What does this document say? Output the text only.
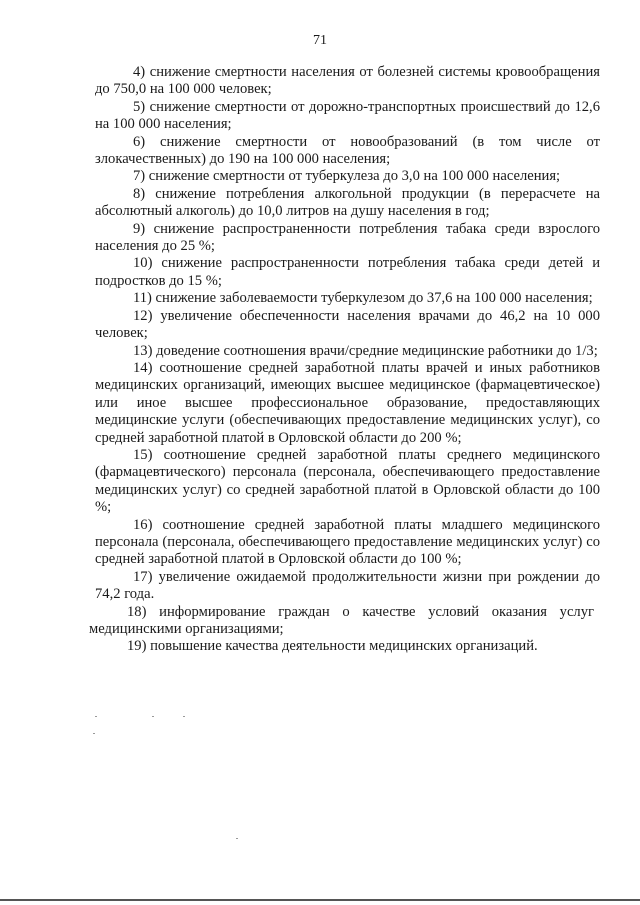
71

4) снижение смертности населения от болезней системы кровообращения до 750,0 на 100 000 человек;

5) снижение смертности от дорожно-транспортных происшествий до 12,6 на 100 000 населения;

6) снижение смертности от новообразований (в том числе от злокачественных) до 190 на 100 000 населения;

7) снижение смертности от туберкулеза до 3,0 на 100 000 населения;

8) снижение потребления алкогольной продукции (в перерасчете на абсолютный алкоголь) до 10,0 литров на душу населения в год;

9) снижение распространенности потребления табака среди взрослого населения до 25 %;

10) снижение распространенности потребления табака среди детей и подростков до 15 %;

11) снижение заболеваемости туберкулезом до 37,6 на 100 000 населения;

12) увеличение обеспеченности населения врачами до 46,2 на 10 000 человек;

13) доведение соотношения врачи/средние медицинские работники до 1/3;

14) соотношение средней заработной платы врачей и иных работников медицинских организаций, имеющих высшее медицинское (фармацевтическое) или иное высшее профессиональное образование, предоставляющих медицинские услуги (обеспечивающих предоставление медицинских услуг), со средней заработной платой в Орловской области до 200 %;

15) соотношение средней заработной платы среднего медицинского (фармацевтического) персонала (персонала, обеспечивающего предоставление медицинских услуг) со средней заработной платой в Орловской области до 100 %;

16) соотношение средней заработной платы младшего медицинского персонала (персонала, обеспечивающего предоставление медицинских услуг) со средней заработной платой в Орловской области до 100 %;

17) увеличение ожидаемой продолжительности жизни при рождении до 74,2 года.

18) информирование граждан о качестве условий оказания услуг медицинскими организациями;

19) повышение качества деятельности медицинских организаций.
